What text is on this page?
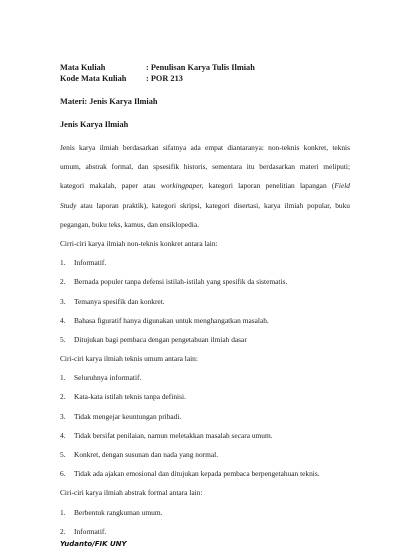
Mata Kuliah	: Penulisan Karya Tulis Ilmiah
Kode Mata Kuliah	: POR 213
Materi: Jenis Karya Ilmiah
Jenis Karya Ilmiah
Jenis karya ilmiah berdasarkan sifatnya ada empat diantaranya: non-teknis konkret, teknis
umum, abstrak formal, dan spsesifik historis, sementara itu berdasarkan materi meliputi;
kategori makalah, paper atau workingpaper, kategori laporan penelitian lapangan (Field
Study atau laporan praktik), kategori skripsi, kategori disertasi, karya ilmiah popular, buku
pegangan, buku teks, kamus, dan ensiklopedia.
Cirri-ciri karya ilmiah non-teknis konkret antara lain:
1.	Informatif.
2.	Bernada populer tanpa defensi istilah-istilah yang spesifik da sistematis.
3.	Temanya spesifik dan konkret.
4.	Bahasa figuratif hanya digunakan untuk menghangatkan masalah.
5.	Ditujukan bagi pembaca dengan pengetahuan ilmiah dasar
Ciri-ciri karya ilmiah teknis umum antara lain:
1.	Seluruhnya informatif.
2.	Kata-kata istilah teknis tanpa definisi.
3.	Tidak mengejar keuntungan pribadi.
4.	Tidak bersifat penilaian, namun meletakkan masalah secara umum.
5.	Konkret, dengan susunan dan nada yang normal.
6.	Tidak ada ajakan emosional dan ditujukan kepada pembaca berpengetahuan teknis.
Ciri-ciri karya ilmiah abstrak formal antara lain:
1.	Berbentuk rangkuman umum.
2.	Informatif.
Yudanto/FIK UNY
